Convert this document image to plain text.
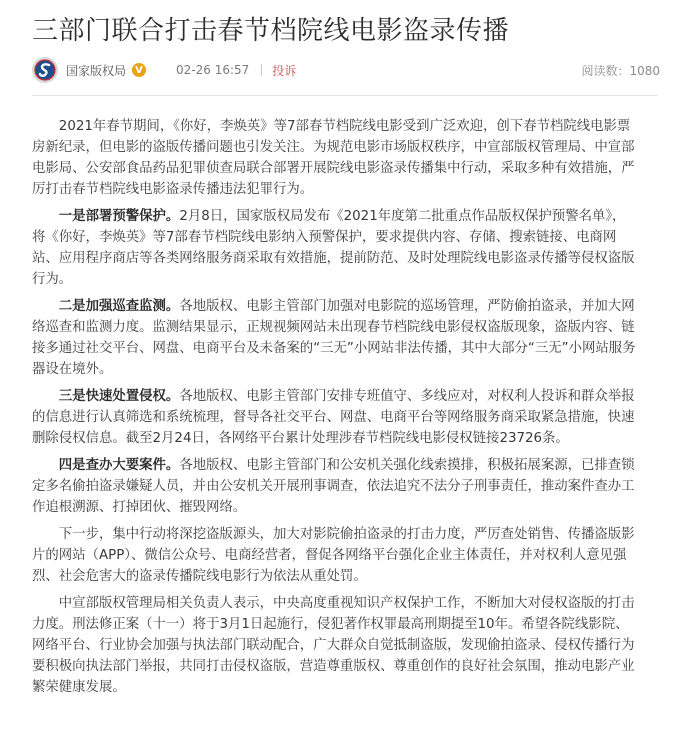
三部门联合打击春节档院线电影盗录传播
国家版权局 V	02-26 16:57 投诉	阅读数：1080

2021年春节期间，《你好，李焕英》等7部春节档院线电影受到广泛欢迎，创下春节档院线电影票房新纪录，但电影的盗版传播问题也引发关注。为规范电影市场版权秩序，中宣部版权管理局、中宣部电影局、公安部食品药品犯罪侦查局联合部署开展院线电影盗录传播集中行动，采取多种有效措施，严厉打击春节档院线电影盗录传播违法犯罪行为。

一是部署预警保护。2月8日，国家版权局发布《2021年度第二批重点作品版权保护预警名单》，将《你好，李焕英》等7部春节档院线电影纳入预警保护，要求提供内容、存储、搜索链接、电商网站、应用程序商店等各类网络服务商采取有效措施，提前防范、及时处理院线电影盗录传播等侵权盗版行为。

二是加强巡查监测。各地版权、电影主管部门加强对电影院的巡场管理，严防偷拍盗录，并加大网络巡查和监测力度。监测结果显示，正规视频网站未出现春节档院线电影侵权盗版现象，盗版内容、链接多通过社交平台、网盘、电商平台及未备案的“三无”小网站非法传播，其中大部分“三无”小网站服务器设在境外。

三是快速处置侵权。各地版权、电影主管部门安排专班值守、多线应对，对权利人投诉和群众举报的信息进行认真筛选和系统梳理，督导各社交平台、网盘、电商平台等网络服务商采取紧急措施，快速删除侵权信息。截至2月24日，各网络平台累计处理涉春节档院线电影侵权链接23726条。

四是查办大要案件。各地版权、电影主管部门和公安机关强化线索摸排，积极拓展案源，已排查锁定多名偷拍盗录嫌疑人员，并由公安机关开展刑事调查，依法追究不法分子刑事责任，推动案件查办工作追根溯源、打掉团伙、摧毁网络。

下一步，集中行动将深挖盗版源头，加大对影院偷拍盗录的打击力度，严厉查处销售、传播盗版影片的网站（APP）、微信公众号、电商经营者，督促各网络平台强化企业主体责任，并对权利人意见强烈、社会危害大的盗录传播院线电影行为依法从重处罚。

中宣部版权管理局相关负责人表示，中央高度重视知识产权保护工作，不断加大对侵权盗版的打击力度。刑法修正案（十一）将于3月1日起施行，侵犯著作权罪最高刑期提至10年。希望各院线影院、网络平台、行业协会加强与执法部门联动配合，广大群众自觉抵制盗版，发现偷拍盗录、侵权传播行为要积极向执法部门举报，共同打击侵权盗版，营造尊重版权、尊重创作的良好社会氛围，推动电影产业繁荣健康发展。
